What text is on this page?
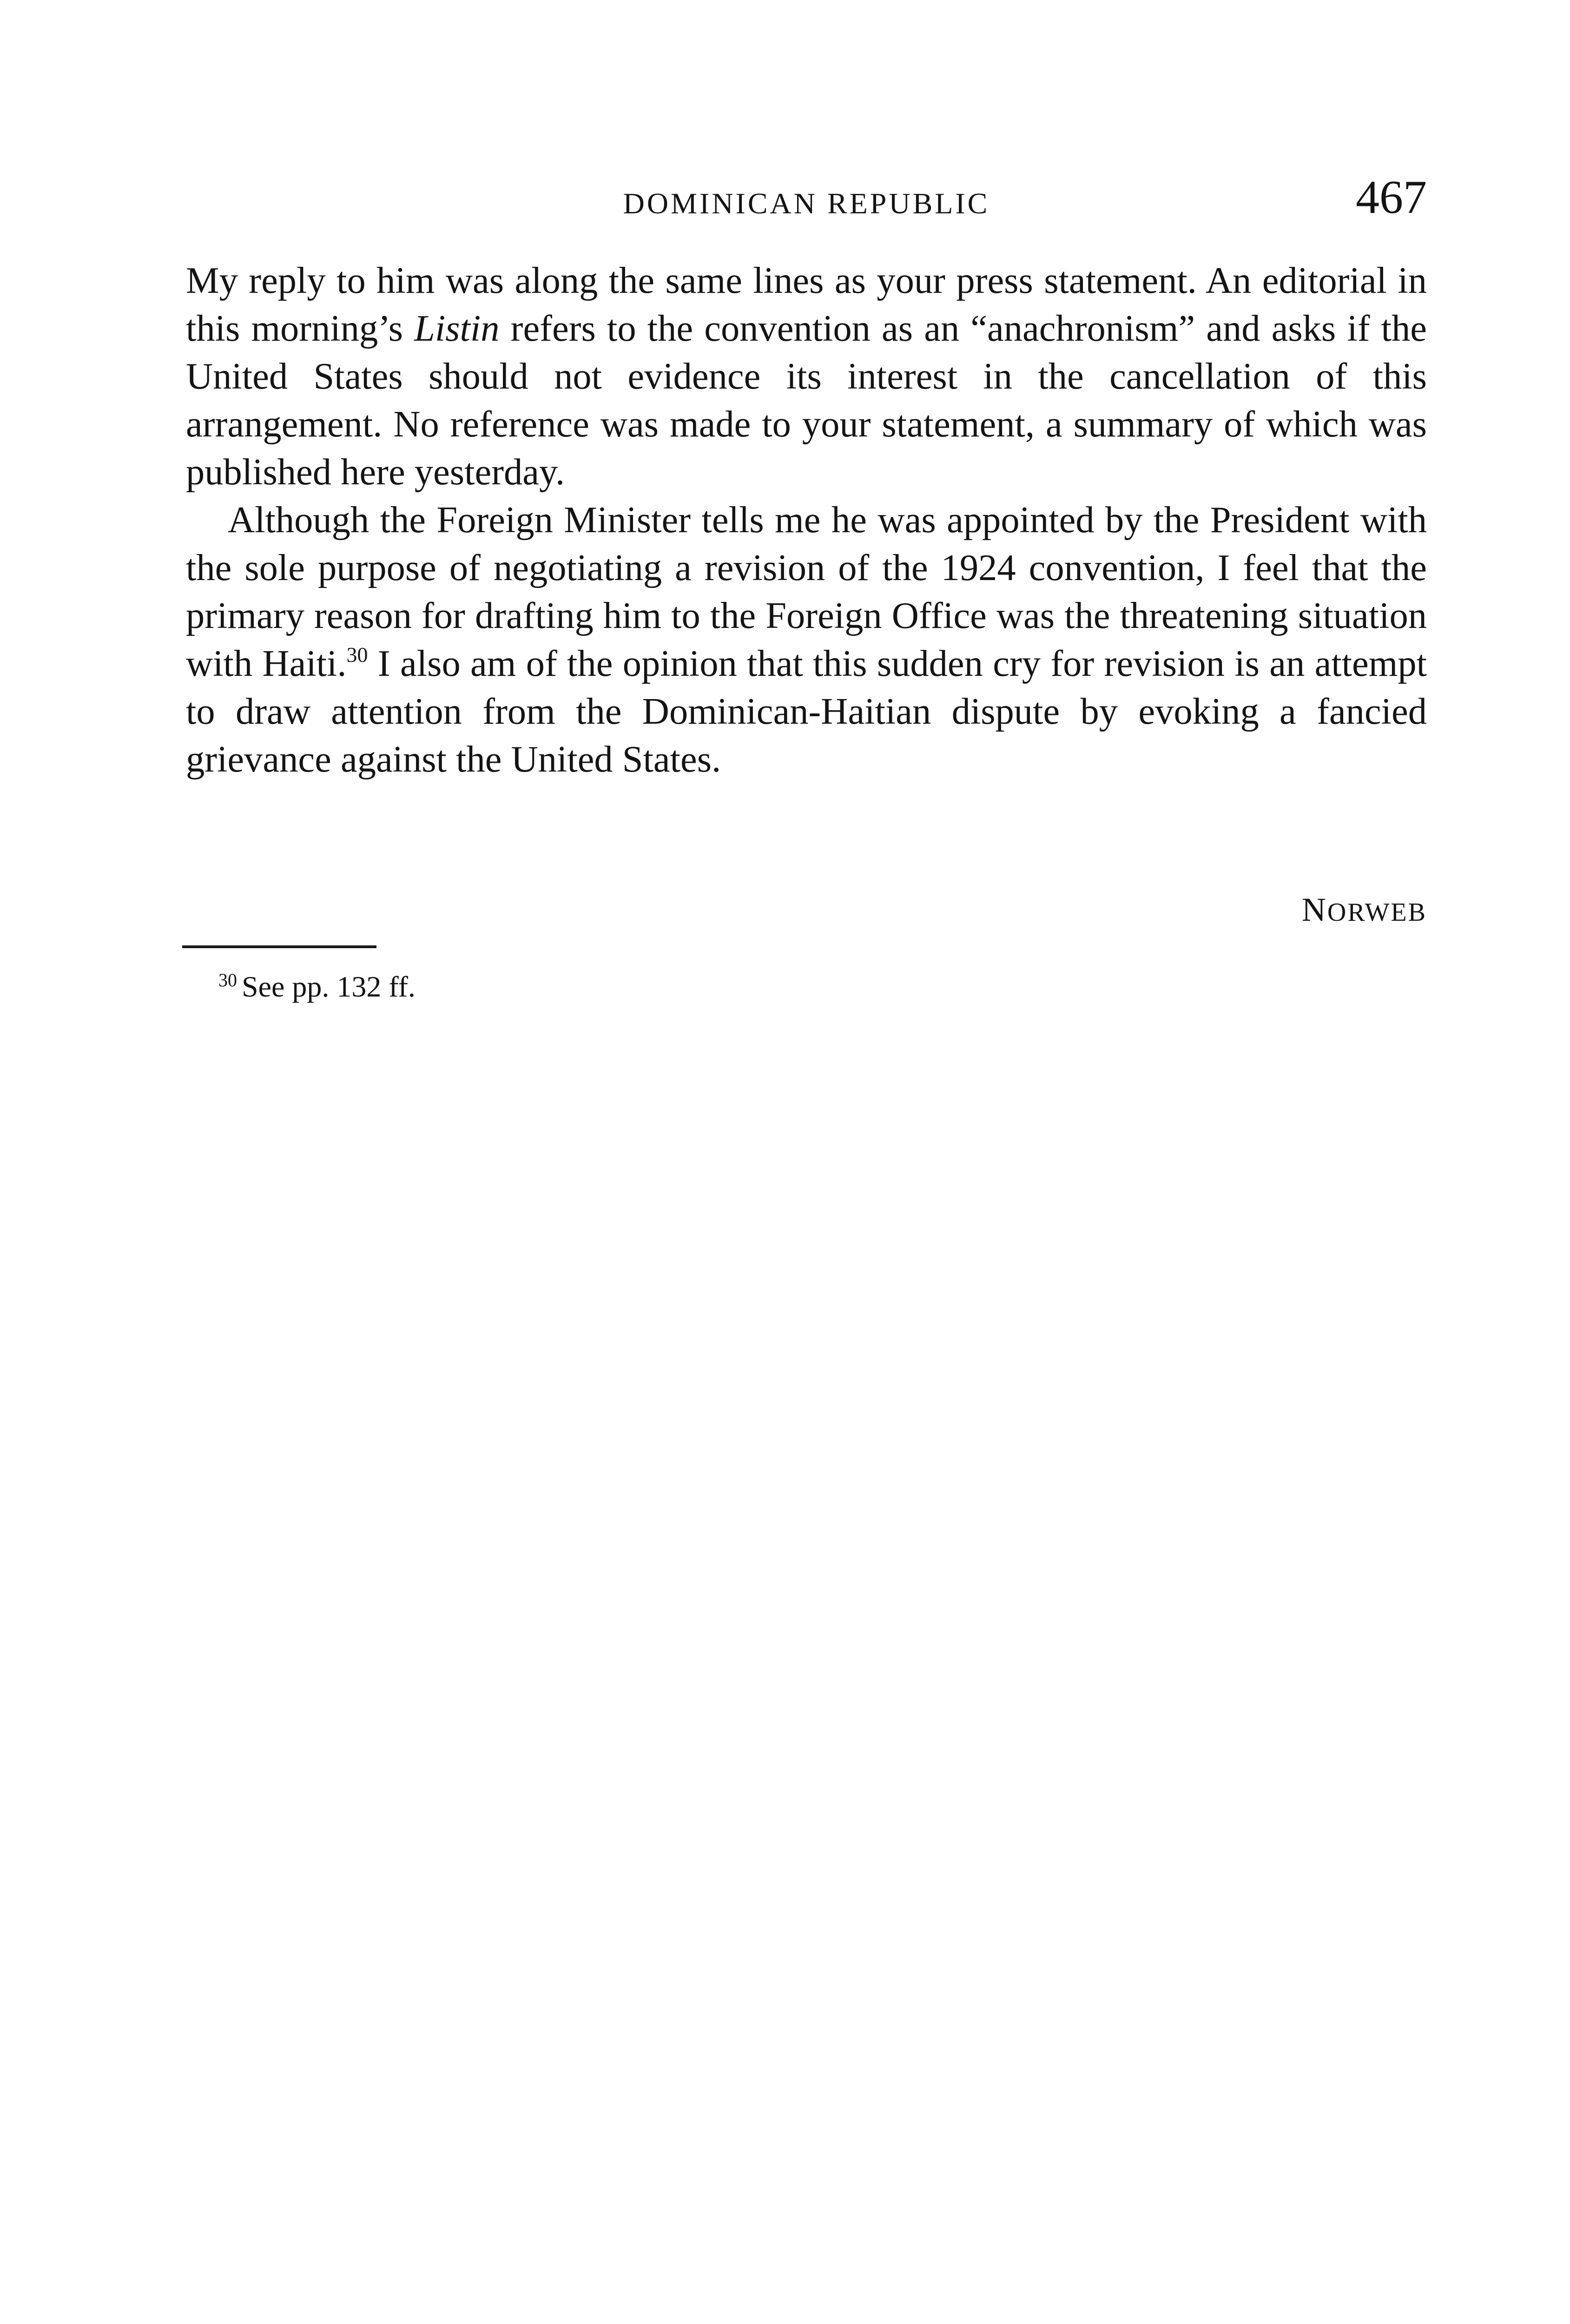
DOMINICAN REPUBLIC	467

My reply to him was along the same lines as your press statement. An editorial in this morning’s Listin refers to the convention as an “anachronism” and asks if the United States should not evidence its interest in the cancellation of this arrangement. No reference was made to your statement, a summary of which was published here yesterday.

Although the Foreign Minister tells me he was appointed by the President with the sole purpose of negotiating a revision of the 1924 convention, I feel that the primary reason for drafting him to the Foreign Office was the threatening situation with Haiti.$^{30}$ I also am of the opinion that this sudden cry for revision is an attempt to draw attention from the Dominican-Haitian dispute by evoking a fancied grievance against the United States.

NORWEB
$^{30}$ See pp. 132 ff.
